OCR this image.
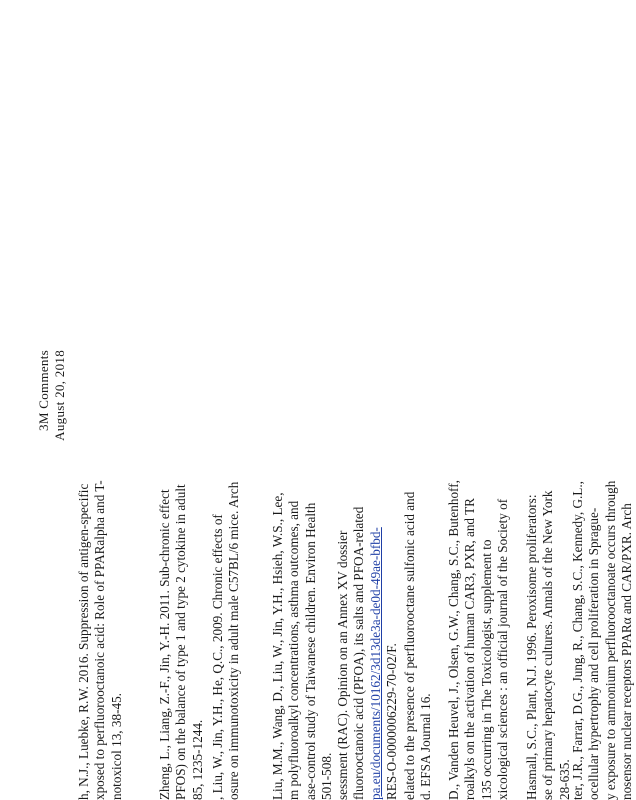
3M Comments August 20, 2018
h, N.J., Luebke, R.W. 2016. Suppression of antigen-specific xposed to perfluorooctanoic acid: Role of PPARalpha and T- notoxicol 13, 38-45.	Zheng, L., Liang, Z.-F., Jin, Y.-H. 2011. Sub-chronic effect PFOS) on the balance of type 1 and type 2 cytokine in adult 85, 1235-1244. , Liu, W., Jin, Y.H., He, Q.C., 2009. Chronic effects of osure on immunotoxicity in adult male C57BL/6 mice. Arch Liu, M.M., Wang, D., Liu, W., Jin, Y.H., Hsieh, W.S., Lee, m polyfluoroalkyl concentrations, asthma outcomes, and ase-control study of Taiwanese children. Environ Health 501-508. sessment (RAC). Opinion on an Annex XV dossier fluorooctanoic acid (PFOA), its salts and PFOA-related pa.eu/documents/10162/3d13de3a-de0d-49ae-bfbd- RES-O-0000006229-70-02/F. elated to the presence of perfluorooctane sulfonic acid and d. EFSA Journal 16. D., Vanden Heuvel, J., Olsen, G.W., Chang, S.C., Butenhoff, roalkyls on the activation of human CAR3, PXR, and TR 135 occurring in The Toxicologist, supplement to xicological sciences : an official journal of the Society of Hasmall, S.C., Plant, N.J. 1996. Peroxisome proliferators: se of primary hepatocyte cultures. Annals of the New York 28-635.
ter, J.R., Farrar, D.G., Jung, R., Chang, S.C., Kennedy, G.L., ocellular hypertrophy and cell proliferation in Sprague- y exposure to ammonium perfluorooctanoate occurs through nosensor nuclear receptors PPARα and CAR/PXR. Arch
